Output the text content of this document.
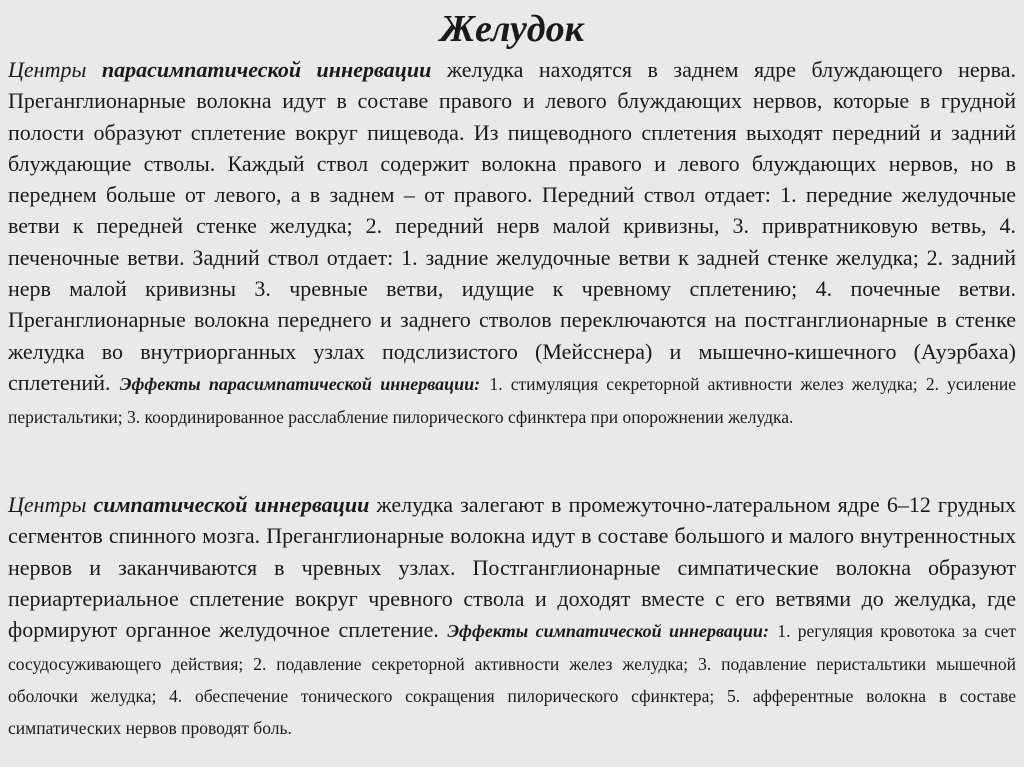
Желудок

Центры парасимпатической иннервации желудка находятся в заднем ядре блуждающего нерва. Преганглионарные волокна идут в составе правого и левого блуждающих нервов, которые в грудной полости образуют сплетение вокруг пищевода. Из пищеводного сплетения выходят передний и задний блуждающие стволы. Каждый ствол содержит волокна правого и левого блуждающих нервов, но в переднем больше от левого, а в заднем – от правого. Передний ствол отдает: 1. передние желудочные ветви к передней стенке желудка; 2. передний нерв малой кривизны, 3. привратниковую ветвь, 4. печеночные ветви. Задний ствол отдает: 1. задние желудочные ветви к задней стенке желудка; 2. задний нерв малой кривизны 3. чревные ветви, идущие к чревному сплетению; 4. почечные ветви. Преганглионарные волокна переднего и заднего стволов переключаются на постганглионарные в стенке желудка во внутриорганных узлах подслизистого (Мейсснера) и мышечно-кишечного (Ауэрбаха) сплетений. Эффекты парасимпатической иннервации: 1. стимуляция секреторной активности желез желудка; 2. усиление перистальтики; 3. координированное расслабление пилорического сфинктера при опорожнении желудка.

Центры симпатической иннервации желудка залегают в промежуточно-латеральном ядре 6–12 грудных сегментов спинного мозга. Преганглионарные волокна идут в составе большого и малого внутренностных нервов и заканчиваются в чревных узлах. Постганглионарные симпатические волокна образуют периартериальное сплетение вокруг чревного ствола и доходят вместе с его ветвями до желудка, где формируют органное желудочное сплетение. Эффекты симпатической иннервации: 1. регуляция кровотока за счет сосудосуживающего действия; 2. подавление секреторной активности желез желудка; 3. подавление перистальтики мышечной оболочки желудка; 4. обеспечение тонического сокращения пилорического сфинктера; 5. афферентные волокна в составе симпатических нервов проводят боль.
